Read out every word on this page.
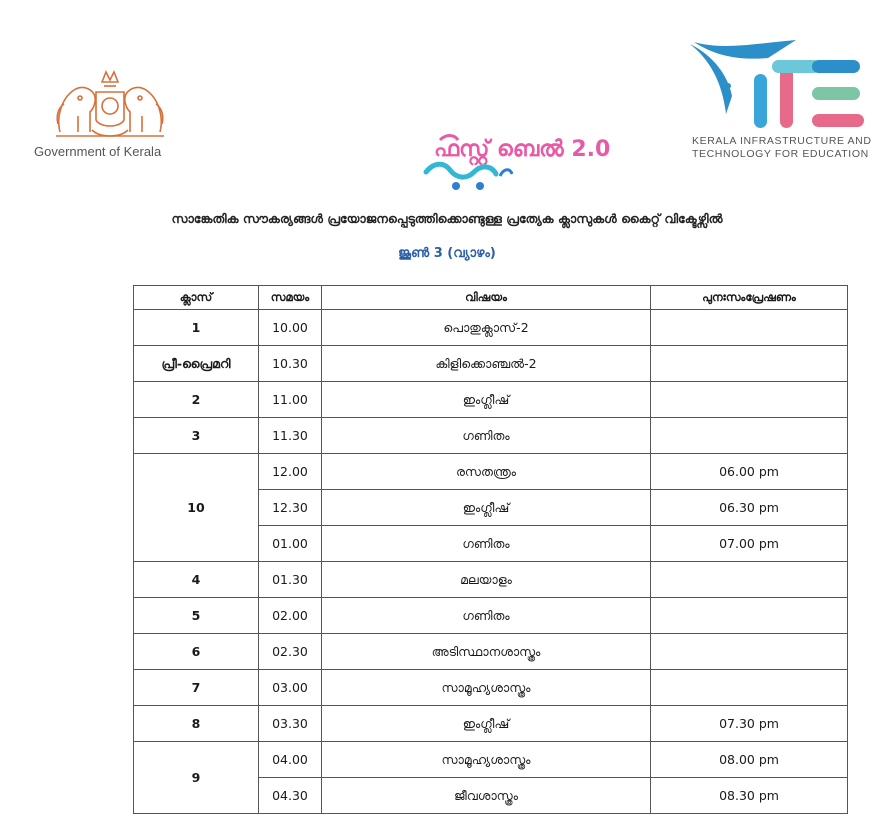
Government of Kerala	ഫസ്റ്റ് ബെൽ 2.0	KERALA INFRASTRUCTURE AND
TECHNOLOGY FOR EDUCATION
സാങ്കേതിക സൗകര്യങ്ങൾ പ്രയോജനപ്പെടുത്തിക്കൊണ്ടുള്ള പ്രത്യേക ക്ലാസുകൾ കൈറ്റ് വിക്ടേഴ്സിൽ
ജൂൺ 3 (വ്യാഴം)
ക്ലാസ്	സമയം	വിഷയം	പുനഃസംപ്രേഷണം
1	10.00	പൊതുക്ലാസ്-2	
പ്രീ-പ്രൈമറി	10.30	കിളിക്കൊഞ്ചൽ-2	
2	11.00	ഇംഗ്ലീഷ്	
3	11.30	ഗണിതം	
10	12.00	രസതന്ത്രം	06.00 pm
	12.30	ഇംഗ്ലീഷ്	06.30 pm
	01.00	ഗണിതം	07.00 pm
4	01.30	മലയാളം	
5	02.00	ഗണിതം	
6	02.30	അടിസ്ഥാനശാസ്ത്രം	
7	03.00	സാമൂഹ്യശാസ്ത്രം	
8	03.30	ഇംഗ്ലീഷ്	07.30 pm
9	04.00	സാമൂഹ്യശാസ്ത്രം	08.00 pm
	04.30	ജീവശാസ്ത്രം	08.30 pm
